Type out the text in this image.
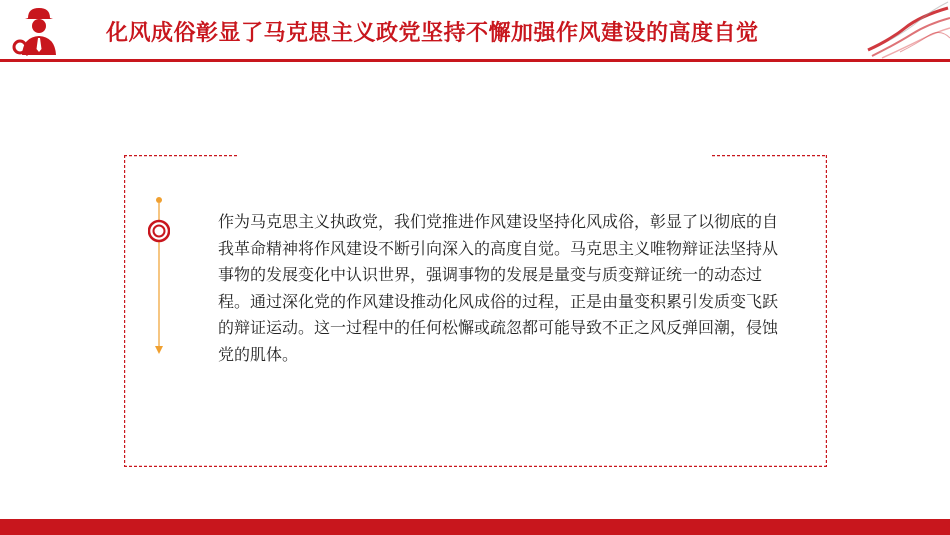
化风成俗彰显了马克思主义政党坚持不懈加强作风建设的高度自觉
作为马克思主义执政党，我们党推进作风建设坚持化风成俗，彰显了以彻底的自我革命精神将作风建设不断引向深入的高度自觉。马克思主义唯物辩证法坚持从事物的发展变化中认识世界，强调事物的发展是量变与质变辩证统一的动态过程。通过深化党的作风建设推动化风成俗的过程，正是由量变积累引发质变飞跃的辩证运动。这一过程中的任何松懈或疏忽都可能导致不正之风反弹回潮，侵蚀党的肌体。
